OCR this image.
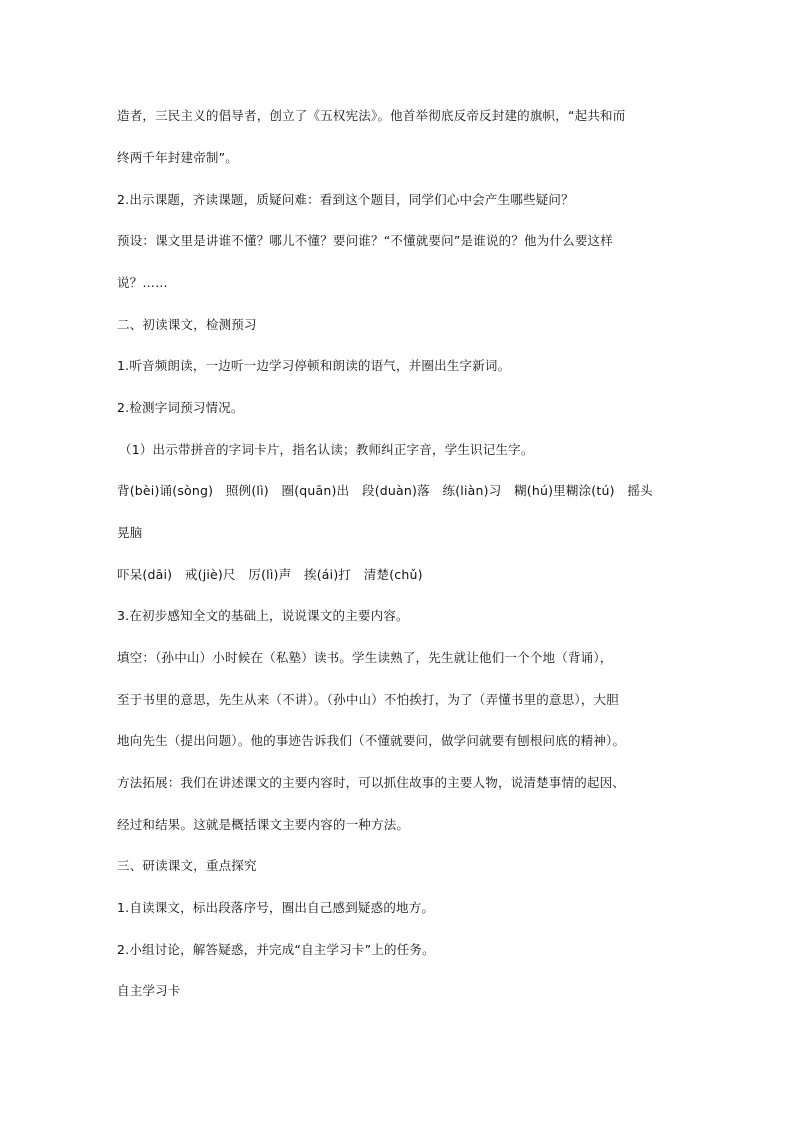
造者，三民主义的倡导者，创立了《五权宪法》。他首举彻底反帝反封建的旗帜，“起共和而
终两千年封建帝制”。
2.出示课题，齐读课题，质疑问难：看到这个题目，同学们心中会产生哪些疑问？
预设：课文里是讲谁不懂？哪儿不懂？要问谁？“不懂就要问”是谁说的？他为什么要这样
说？……
二、初读课文，检测预习
1.听音频朗读，一边听一边学习停顿和朗读的语气，并圈出生字新词。
2.检测字词预习情况。
（1）出示带拼音的字词卡片，指名认读；教师纠正字音，学生识记生字。
背(bèi)诵(sòng)　照例(lì)　圈(quān)出　段(duàn)落　练(liàn)习　糊(hú)里糊涂(tú)　摇头
晃脑
吓呆(dāi)　戒(jiè)尺　厉(lì)声　挨(ái)打　清楚(chǔ)
3.在初步感知全文的基础上，说说课文的主要内容。
填空：（孙中山）小时候在（私塾）读书。学生读熟了，先生就让他们一个个地（背诵），
至于书里的意思，先生从来（不讲）。（孙中山）不怕挨打，为了（弄懂书里的意思），大胆
地向先生（提出问题）。他的事迹告诉我们（不懂就要问，做学问就要有刨根问底的精神）。
方法拓展：我们在讲述课文的主要内容时，可以抓住故事的主要人物，说清楚事情的起因、
经过和结果。这就是概括课文主要内容的一种方法。
三、研读课文，重点探究
1.自读课文，标出段落序号，圈出自己感到疑惑的地方。
2.小组讨论，解答疑惑，并完成“自主学习卡”上的任务。
自主学习卡
